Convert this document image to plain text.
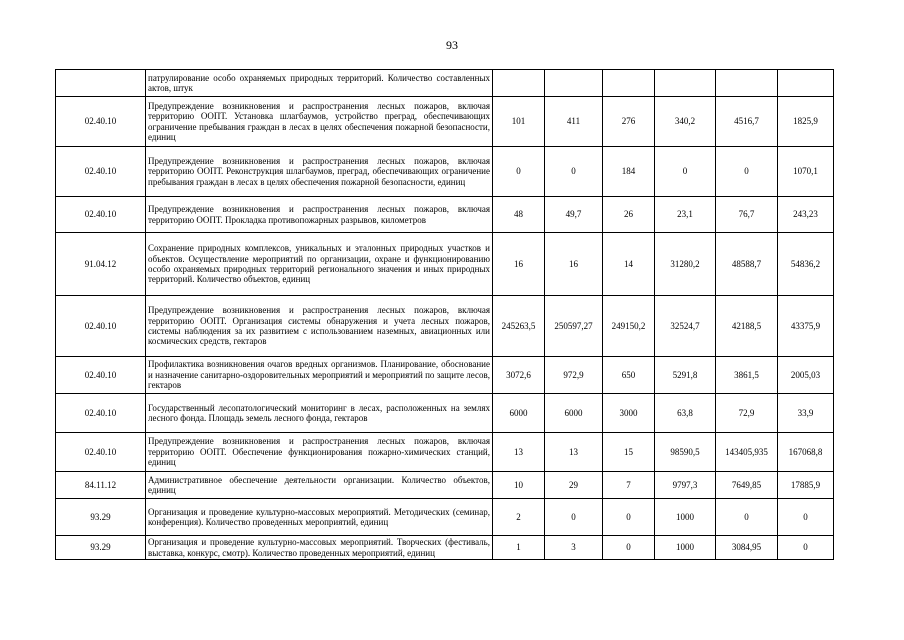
93
	патрулирование особо охраняемых природных территорий. Количество составленных актов, штук						
02.40.10	Предупреждение возникновения и распространения лесных пожаров, включая территорию ООПТ. Установка шлагбаумов, устройство преград, обеспечивающих ограничение пребывания граждан в лесах в целях обеспечения пожарной безопасности, единиц	101	411	276	340,2	4516,7	1825,9
02.40.10	Предупреждение возникновения и распространения лесных пожаров, включая территорию ООПТ. Реконструкция шлагбаумов, преград, обеспечивающих ограничение пребывания граждан в лесах в целях обеспечения пожарной безопасности, единиц	0	0	184	0	0	1070,1
02.40.10	Предупреждение возникновения и распространения лесных пожаров, включая территорию ООПТ. Прокладка противопожарных разрывов, километров	48	49,7	26	23,1	76,7	243,23
91.04.12	Сохранение природных комплексов, уникальных и эталонных природных участков и объектов. Осуществление мероприятий по организации, охране и функционированию особо охраняемых природных территорий регионального значения и иных природных территорий. Количество объектов, единиц	16	16	14	31280,2	48588,7	54836,2
02.40.10	Предупреждение возникновения и распространения лесных пожаров, включая территорию ООПТ. Организация системы обнаружения и учета лесных пожаров, системы наблюдения за их развитием с использованием наземных, авиационных или космических средств, гектаров	245263,5	250597,27	249150,2	32524,7	42188,5	43375,9
02.40.10	Профилактика возникновения очагов вредных организмов. Планирование, обоснование и назначение санитарно-оздоровительных мероприятий и мероприятий по защите лесов, гектаров	3072,6	972,9	650	5291,8	3861,5	2005,03
02.40.10	Государственный лесопатологический мониторинг в лесах, расположенных на землях лесного фонда. Площадь земель лесного фонда, гектаров	6000	6000	3000	63,8	72,9	33,9
02.40.10	Предупреждение возникновения и распространения лесных пожаров, включая территорию ООПТ. Обеспечение функционирования пожарно-химических станций, единиц	13	13	15	98590,5	143405,935	167068,8
84.11.12	Административное обеспечение деятельности организации. Количество объектов, единиц	10	29	7	9797,3	7649,85	17885,9
93.29	Организация и проведение культурно-массовых мероприятий. Методических (семинар, конференция). Количество проведенных мероприятий, единиц	2	0	0	1000	0	0
93.29	Организация и проведение культурно-массовых мероприятий. Творческих (фестиваль, выставка, конкурс, смотр). Количество проведенных мероприятий, единиц	1	3	0	1000	3084,95	0
